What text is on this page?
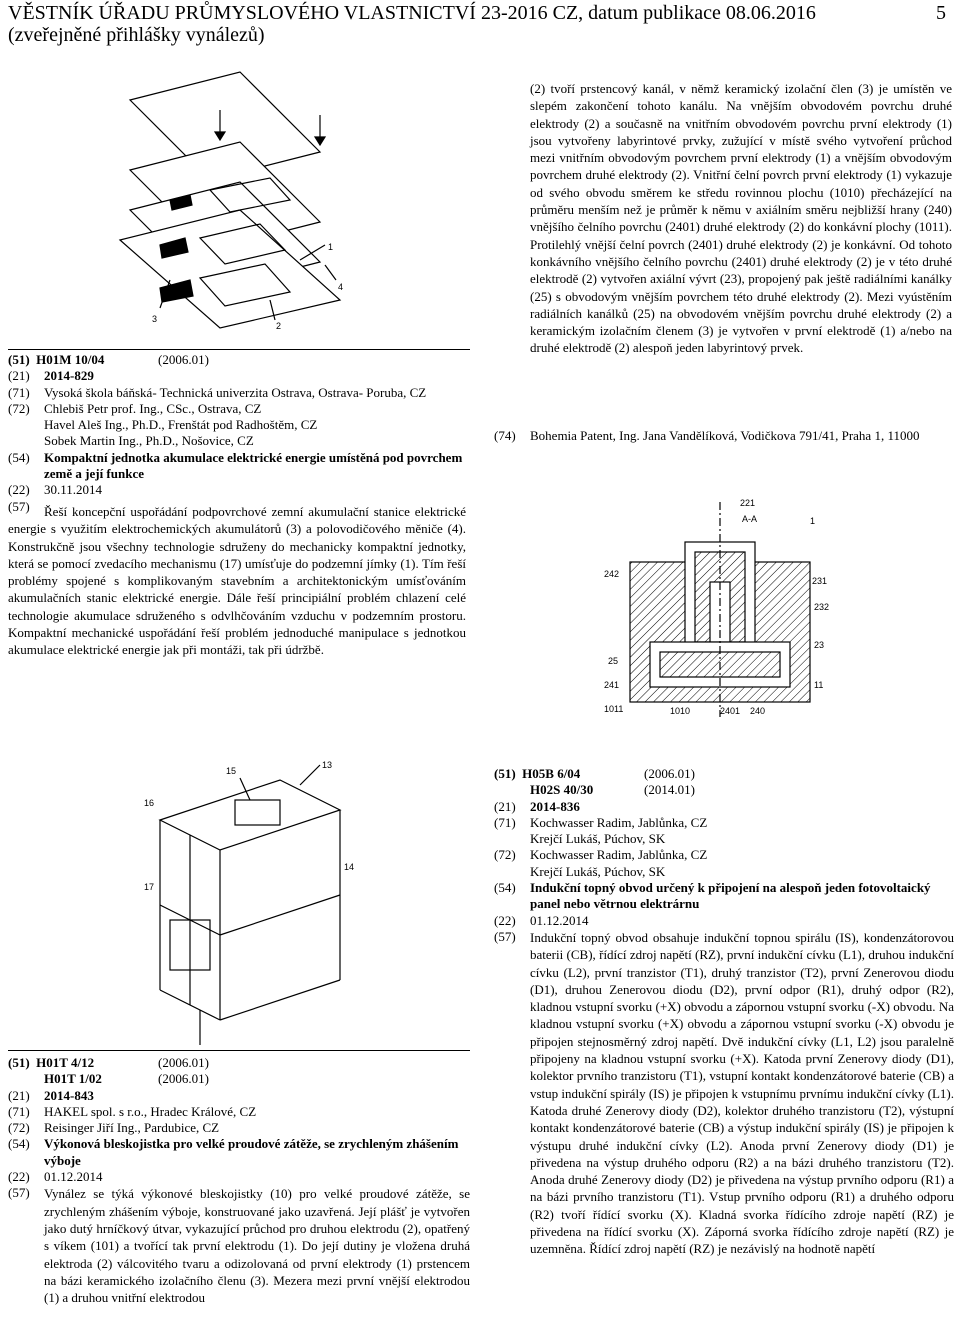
VĚSTNÍK ÚŘADU PRŮMYSLOVÉHO VLASTNICTVÍ 23-2016 CZ, datum publikace 08.06.2016
(zveřejněné přihlášky vynálezů)
5
1
2
3
4
(51)  H01M 10/04	(2006.01)
(21)	2014-829
(71)	Vysoká škola báňská- Technická univerzita Ostrava, Ostrava- Poruba, CZ
(72)	Chlebiš Petr prof. Ing., CSc., Ostrava, CZ
Havel Aleš Ing., Ph.D., Frenštát pod Radhoštěm, CZ
Sobek Martin Ing., Ph.D., Nošovice, CZ
(54)	Kompaktní jednotka akumulace elektrické energie umístěná pod povrchem země a její funkce
(22)	30.11.2014
(57)	Řeší koncepční uspořádání podpovrchové zemní akumulační stanice elektrické energie s využitím elektrochemických akumulátorů (3) a polovodičového měniče (4). Konstrukčně jsou všechny technologie sdruženy do mechanicky kompaktní jednotky, která se pomocí zvedacího mechanismu (17) umísťuje do podzemní jímky (1). Tím řeší problémy spojené s komplikovaným stavebním a architektonickým umísťováním akumulačních stanic elektrické energie. Dále řeší principiální problém chlazení celé technologie akumulace sdruženého s odvlhčováním vzduchu v podzemním prostoru. Kompaktní mechanické uspořádání řeší problém jednoduché manipulace s jednotkou akumulace elektrické energie jak při montáži, tak při údržbě.
(2) tvoří prstencový kanál, v němž keramický izolační člen (3) je umístěn ve slepém zakončení tohoto kanálu. Na vnějším obvodovém povrchu druhé elektrody (2) a současně na vnitřním obvodovém povrchu první elektrody (1) jsou vytvořeny labyrintové prvky, zužující v místě svého vytvoření průchod mezi vnitřním obvodovým povrchem první elektrody (1) a vnějším obvodovým povrchem druhé elektrody (2). Vnitřní čelní povrch první elektrody (1) vykazuje od svého obvodu směrem ke středu rovinnou plochu (1010) přecházející na průměru menším než je průměr k němu v axiálním směru nejbližší hrany (240) vnějšího čelního povrchu (2401) druhé elektrody (2) do konkávní plochy (1011). Protilehlý vnější čelní povrch (2401) druhé elektrody (2) je konkávní. Od tohoto konkávního vnějšího čelního povrchu (2401) druhé elektrody (2) je v této druhé elektrodě (2) vytvořen axiální vývrt (23), propojený pak ještě radiálními kanálky (25) s obvodovým vnějším povrchem této druhé elektrody (2). Mezi vyústěním radiálních kanálků (25) na obvodovém vnějším povrchu druhé elektrody (2) a keramickým izolačním členem (3) je vytvořen v první elektrodě (1) a/nebo na druhé elektrodě (2) alespoň jeden labyrintový prvek.
(74)	Bohemia Patent, Ing. Jana Vandělíková, Vodičkova 791/41, Praha 1, 11000
221
A-A	1
231
232
242
25
241
1011	2401 240
1010
23
11
15
13
16
17
14
(51)  H01T 4/12	(2006.01)
H01T 1/02	(2006.01)
(21)	2014-843
(71)	HAKEL spol. s r.o., Hradec Králové, CZ
(72)	Reisinger Jiří Ing., Pardubice, CZ
(54)	Výkonová bleskojistka pro velké proudové zátěže, se zrychleným zhášením výboje
(22)	01.12.2014
(57)	Vynález se týká výkonové bleskojistky (10) pro velké proudové zátěže, se zrychleným zhášením výboje, konstruované jako uzavřená. Její plášť je vytvořen jako dutý hrníčkový útvar, vykazující průchod pro druhou elektrodu (2), opatřený s víkem (101) a tvořící tak první elektrodu (1). Do její dutiny je vložena druhá elektroda (2) válcovitého tvaru a odizolovaná od první elektrody (1) prstencem na bázi keramického izolačního členu (3). Mezera mezi první vnější elektrodou (1) a druhou vnitřní elektrodou
(51)  H05B 6/04	(2006.01)
H02S 40/30	(2014.01)
(21)	2014-836
(71)	Kochwasser Radim, Jablůnka, CZ
Krejčí Lukáš, Púchov, SK
(72)	Kochwasser Radim, Jablůnka, CZ
Krejčí Lukáš, Púchov, SK
(54)	Indukční topný obvod určený k připojení na alespoň jeden fotovoltaický panel nebo větrnou elektrárnu
(22)	01.12.2014
(57)	Indukční topný obvod obsahuje indukční topnou spirálu (IS), kondenzátorovou baterii (CB), řídící zdroj napětí (RZ), první indukční cívku (L1), druhou indukční cívku (L2), první tranzistor (T1), druhý tranzistor (T2), první Zenerovou diodu (D1), druhou Zenerovou diodu (D2), první odpor (R1), druhý odpor (R2), kladnou vstupní svorku (+X) obvodu a zápornou vstupní svorku (-X) obvodu. Na kladnou vstupní svorku (+X) obvodu a zápornou vstupní svorku (-X) obvodu je připojen stejnosměrný zdroj napětí. Dvě indukční cívky (L1, L2) jsou paralelně připojeny na kladnou vstupní svorku (+X). Katoda první Zenerovy diody (D1), kolektor prvního tranzistoru (T1), vstupní kontakt kondenzátorové baterie (CB) a vstup indukční spirály (IS) je připojen k vstupnímu prvnímu indukční cívky (L1). Katoda druhé Zenerovy diody (D2), kolektor druhého tranzistoru (T2), výstupní kontakt kondenzátorové baterie (CB) a výstup indukční spirály (IS) je připojen k výstupu druhé indukční cívky (L2). Anoda první Zenerovy diody (D1) je přivedena na výstup druhého odporu (R2) a na bázi druhého tranzistoru (T2). Anoda druhé Zenerovy diody (D2) je přivedena na výstup prvního odporu (R1) a na bázi prvního tranzistoru (T1). Vstup prvního odporu (R1) a druhého odporu (R2) tvoří řídící svorku (X). Kladná svorka řídícího zdroje napětí (RZ) je přivedena na řídící svorku (X). Záporná svorka řídícího zdroje napětí (RZ) je uzemněna. Řídící zdroj napětí (RZ) je nezávislý na hodnotě napětí
